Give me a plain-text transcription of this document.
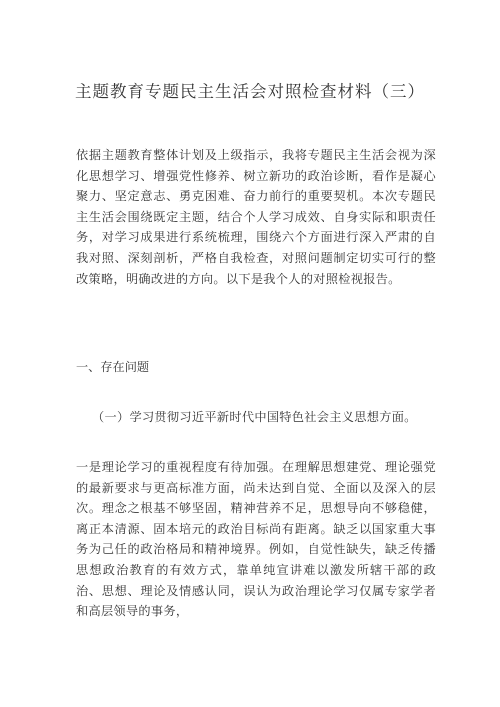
主题教育专题民主生活会对照检查材料（三）

依据主题教育整体计划及上级指示，我将专题民主生活会视为深化思想学习、增强党性修养、树立新功的政治诊断，看作是凝心聚力、坚定意志、勇克困难、奋力前行的重要契机。本次专题民主生活会围绕既定主题，结合个人学习成效、自身实际和职责任务，对学习成果进行系统梳理，围绕六个方面进行深入严肃的自我对照、深刻剖析，严格自我检查，对照问题制定切实可行的整改策略，明确改进的方向。以下是我个人的对照检视报告。

一、存在问题
（一）学习贯彻习近平新时代中国特色社会主义思想方面。

一是理论学习的重视程度有待加强。在理解思想建党、理论强党的最新要求与更高标准方面，尚未达到自觉、全面以及深入的层次。理念之根基不够坚固，精神营养不足，思想导向不够稳健，离正本清源、固本培元的政治目标尚有距离。缺乏以国家重大事务为己任的政治格局和精神境界。例如，自觉性缺失，缺乏传播思想政治教育的有效方式，靠单纯宣讲难以激发所辖干部的政治、思想、理论及情感认同，误认为政治理论学习仅属专家学者和高层领导的事务，
